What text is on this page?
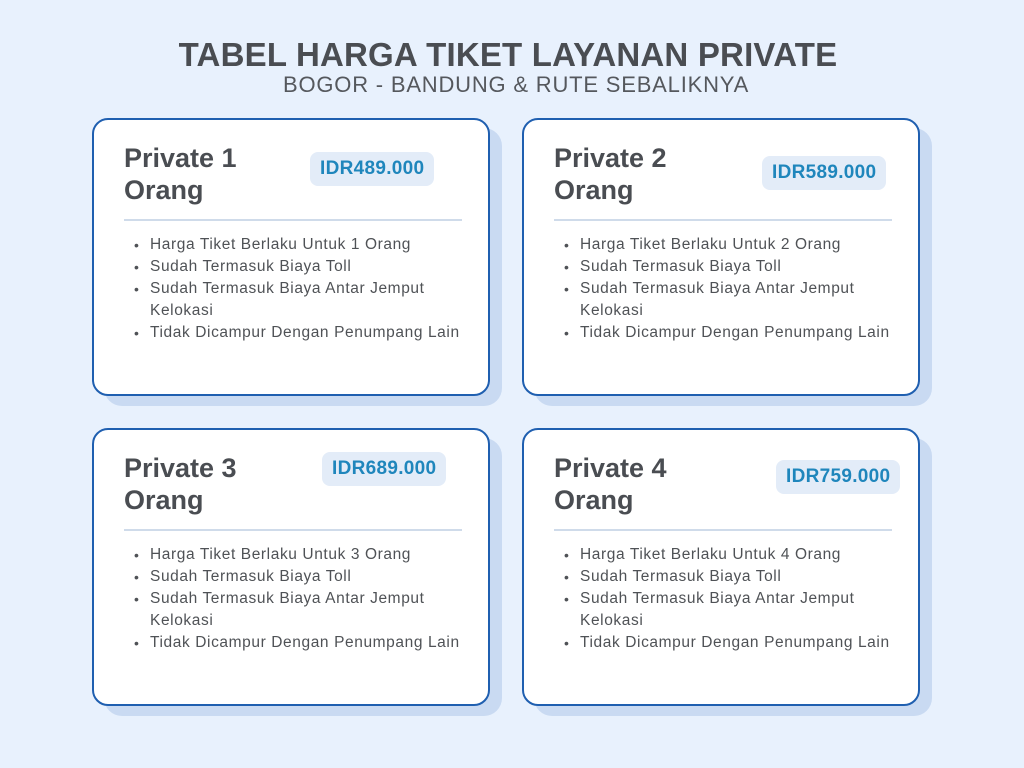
TABEL HARGA TIKET LAYANAN PRIVATE
BOGOR - BANDUNG & RUTE SEBALIKNYA
Private 1 Orang
IDR489.000
• Harga Tiket Berlaku Untuk 1 Orang
• Sudah Termasuk Biaya Toll
• Sudah Termasuk Biaya Antar Jemput Kelokasi
• Tidak Dicampur Dengan Penumpang Lain
Private 2 Orang
IDR589.000
• Harga Tiket Berlaku Untuk 2 Orang
• Sudah Termasuk Biaya Toll
• Sudah Termasuk Biaya Antar Jemput Kelokasi
• Tidak Dicampur Dengan Penumpang Lain
Private 3 Orang
IDR689.000
• Harga Tiket Berlaku Untuk 3 Orang
• Sudah Termasuk Biaya Toll
• Sudah Termasuk Biaya Antar Jemput Kelokasi
• Tidak Dicampur Dengan Penumpang Lain
Private 4 Orang
IDR759.000
• Harga Tiket Berlaku Untuk 4 Orang
• Sudah Termasuk Biaya Toll
• Sudah Termasuk Biaya Antar Jemput Kelokasi
• Tidak Dicampur Dengan Penumpang Lain
